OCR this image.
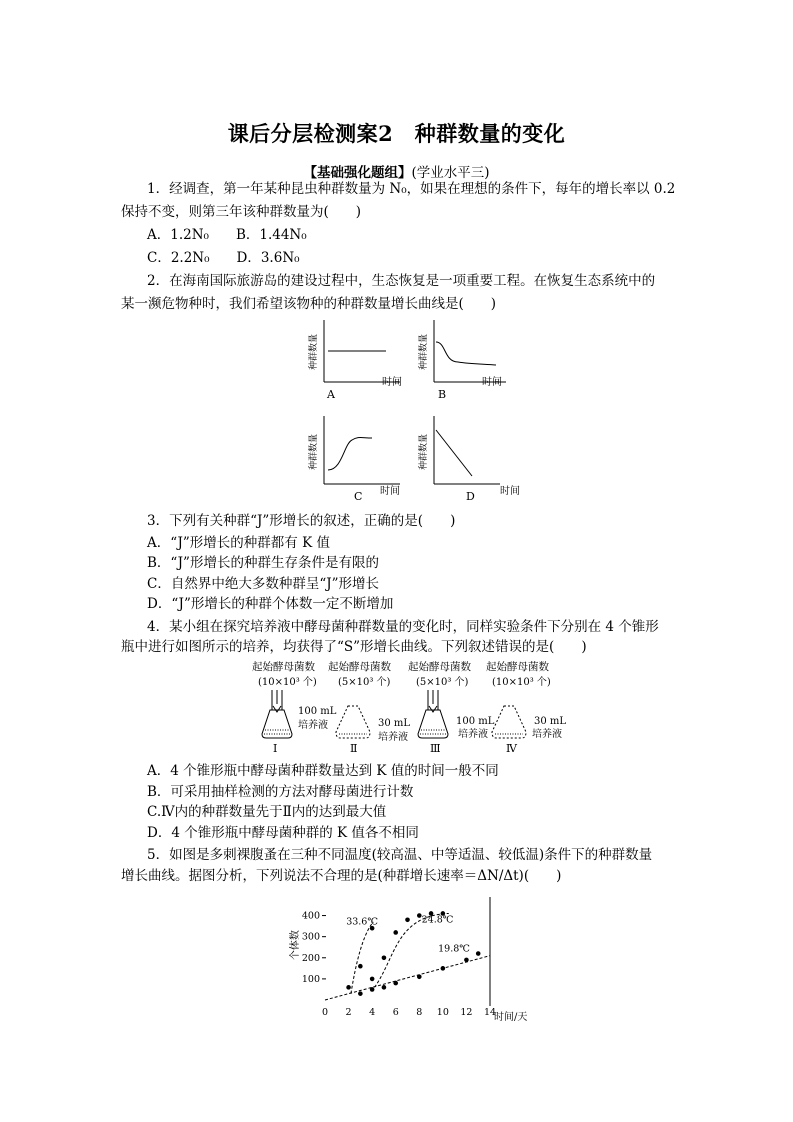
课后分层检测案2　种群数量的变化
【基础强化题组】(学业水平三)
1．经调查，第一年某种昆虫种群数量为 N₀，如果在理想的条件下，每年的增长率以 0.2
保持不变，则第三年该种群数量为(　　)
A．1.2N₀　　B．1.44N₀
C．2.2N₀　　D．3.6N₀
2．在海南国际旅游岛的建设过程中，生态恢复是一项重要工程。在恢复生态系统中的
某一濒危物种时，我们希望该物种的种群数量增长曲线是(　　)
种群数量
时间
A
种群数量
时间
B
种群数量
时间
C
种群数量
时间
D
3．下列有关种群“J”形增长的叙述，正确的是(　　)
A．“J”形增长的种群都有 K 值
B．“J”形增长的种群生存条件是有限的
C．自然界中绝大多数种群呈“J”形增长
D．“J”形增长的种群个体数一定不断增加
4．某小组在探究培养液中酵母菌种群数量的变化时，同样实验条件下分别在 4 个锥形
瓶中进行如图所示的培养，均获得了“S”形增长曲线。下列叙述错误的是(　　)
起始酵母菌数
(10×10³ 个)
100 mL
培养液
Ⅰ
起始酵母菌数
(5×10³ 个)
30 mL
培养液
Ⅱ
起始酵母菌数
(5×10³ 个)
100 mL
培养液
Ⅲ
起始酵母菌数
(10×10³ 个)
30 mL
培养液
Ⅳ
A．4 个锥形瓶中酵母菌种群数量达到 K 值的时间一般不同
B．可采用抽样检测的方法对酵母菌进行计数
C.Ⅳ内的种群数量先于Ⅱ内的达到最大值
D．4 个锥形瓶中酵母菌种群的 K 值各不相同
5．如图是多刺裸腹蚤在三种不同温度(较高温、中等适温、较低温)条件下的种群数量
增长曲线。据图分析，下列说法不合理的是(种群增长速率＝ΔN/Δt)(　　)
0 2 4 6 8 10 12 14
100
200
300
400
个体数
时间/天
33.6℃	24.8℃
19.8℃
